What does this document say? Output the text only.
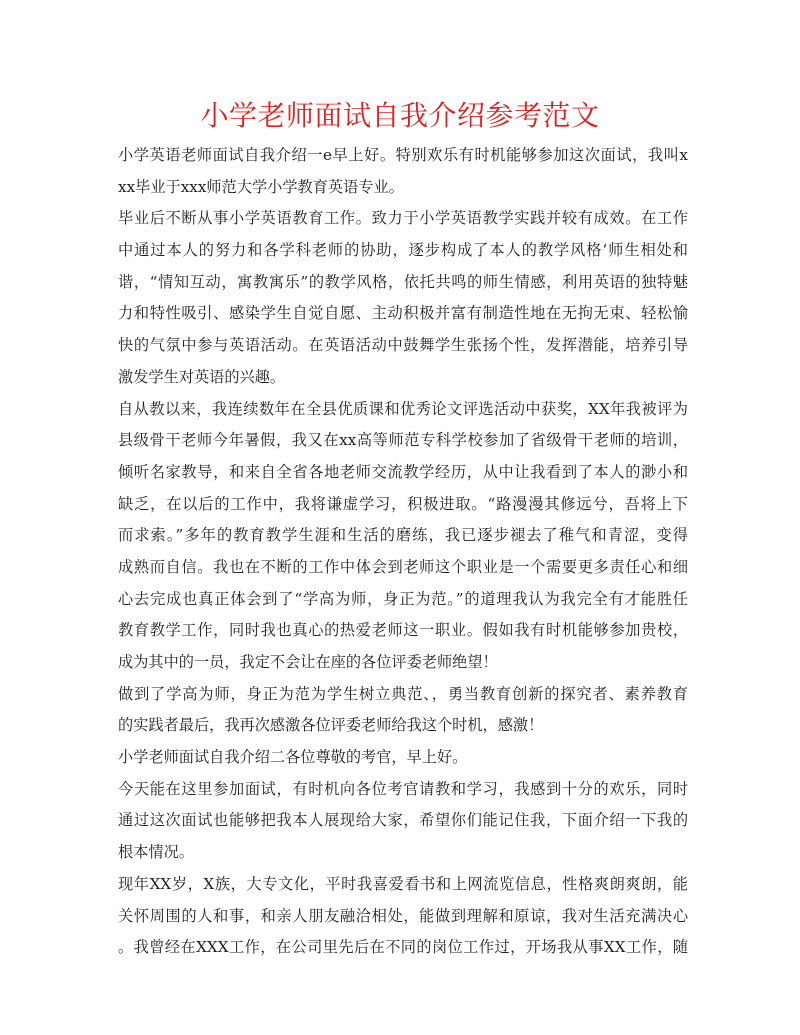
小学老师面试自我介绍参考范文
小学英语老师面试自我介绍一e早上好。特别欢乐有时机能够参加这次面试，我叫x
xx毕业于xxx师范大学小学教育英语专业。
毕业后不断从事小学英语教育工作。致力于小学英语教学实践并较有成效。在工作
中通过本人的努力和各学科老师的协助，逐步构成了本人的教学风格‘师生相处和
谐，“情知互动，寓教寓乐”的教学风格，依托共鸣的师生情感，利用英语的独特魅
力和特性吸引、感染学生自觉自愿、主动积极并富有制造性地在无拘无束、轻松愉
快的气氛中参与英语活动。在英语活动中鼓舞学生张扬个性，发挥潜能，培养引导
激发学生对英语的兴趣。
自从教以来，我连续数年在全县优质课和优秀论文评选活动中获奖，XX年我被评为
县级骨干老师今年暑假，我又在xx高等师范专科学校参加了省级骨干老师的培训，
倾听名家教导，和来自全省各地老师交流教学经历，从中让我看到了本人的渺小和
缺乏，在以后的工作中，我将谦虚学习，积极进取。“路漫漫其修远兮，吾将上下
而求索。”多年的教育教学生涯和生活的磨练，我已逐步褪去了稚气和青涩，变得
成熟而自信。我也在不断的工作中体会到老师这个职业是一个需要更多责任心和细
心去完成也真正体会到了“学高为师，身正为范。”的道理我认为我完全有才能胜任
教育教学工作，同时我也真心的热爱老师这一职业。假如我有时机能够参加贵校，
成为其中的一员，我定不会让在座的各位评委老师绝望！
做到了学高为师，身正为范为学生树立典范、，勇当教育创新的探究者、素养教育
的实践者最后，我再次感激各位评委老师给我这个时机，感激！
小学老师面试自我介绍二各位尊敬的考官，早上好。
今天能在这里参加面试，有时机向各位考官请教和学习，我感到十分的欢乐，同时
通过这次面试也能够把我本人展现给大家，希望你们能记住我，下面介绍一下我的
根本情况。
现年XX岁，X族，大专文化，平时我喜爱看书和上网流览信息，性格爽朗爽朗，能
关怀周围的人和事，和亲人朋友融洽相处，能做到理解和原谅，我对生活充满决心
。我曾经在XXX工作，在公司里先后在不同的岗位工作过，开场我从事XX工作，随
